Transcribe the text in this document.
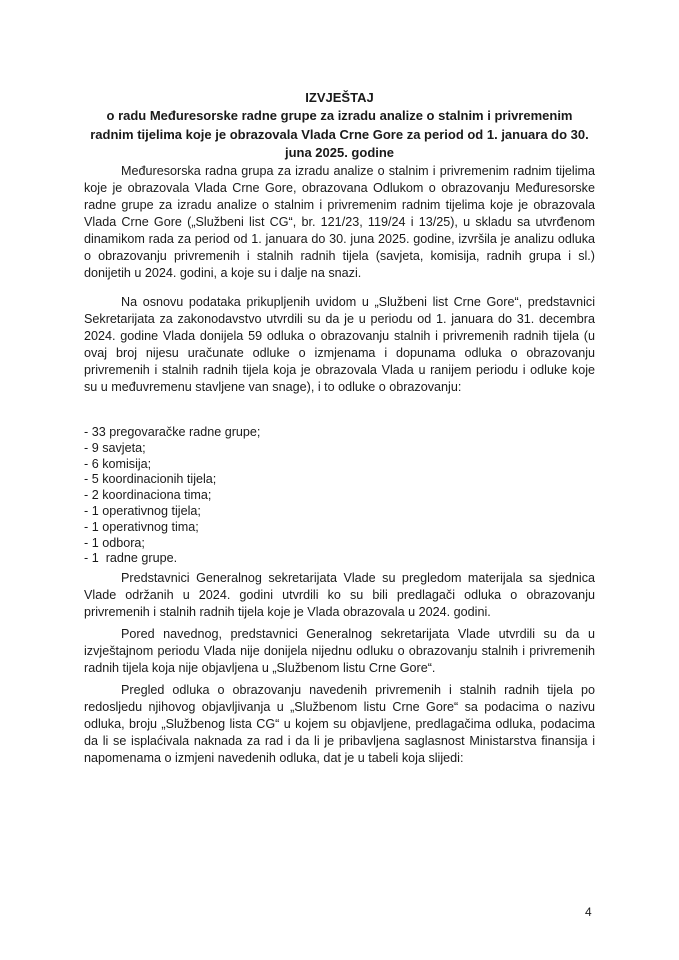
IZVJEŠTAJ
o radu Međuresorske radne grupe za izradu analize o stalnim i privremenim radnim tijelima koje je obrazovala Vlada Crne Gore za period od 1. januara do 30. juna 2025. godine
Međuresorska radna grupa za izradu analize o stalnim i privremenim radnim tijelima koje je obrazovala Vlada Crne Gore, obrazovana Odlukom o obrazovanju Međuresorske radne grupe za izradu analize o stalnim i privremenim radnim tijelima koje je obrazovala Vlada Crne Gore („Službeni list CG“, br. 121/23, 119/24 i 13/25), u skladu sa utvrđenom dinamikom rada za period od 1. januara do 30. juna 2025. godine, izvršila je analizu odluka o obrazovanju privremenih i stalnih radnih tijela (savjeta, komisija, radnih grupa i sl.) donijetih u 2024. godini, a koje su i dalje na snazi.
Na osnovu podataka prikupljenih uvidom u „Službeni list Crne Gore“, predstavnici Sekretarijata za zakonodavstvo utvrdili su da je u periodu od 1. januara do 31. decembra 2024. godine Vlada donijela 59 odluka o obrazovanju stalnih i privremenih radnih tijela (u ovaj broj nijesu uračunate odluke o izmjenama i dopunama odluka o obrazovanju privremenih i stalnih radnih tijela koja je obrazovala Vlada u ranijem periodu i odluke koje su u međuvremenu stavljene van snage), i to odluke o obrazovanju:
- 33 pregovaračke radne grupe;
- 9 savjeta;
- 6 komisija;
- 5 koordinacionih tijela;
- 2 koordinaciona tima;
- 1 operativnog tijela;
- 1 operativnog tima;
- 1 odbora;
- 1  radne grupe.
Predstavnici Generalnog sekretarijata Vlade su pregledom materijala sa sjednica Vlade održanih u 2024. godini utvrdili ko su bili predlagači odluka o obrazovanju privremenih i stalnih radnih tijela koje je Vlada obrazovala u 2024. godini.
Pored navednog, predstavnici Generalnog sekretarijata Vlade utvrdili su da u izvještajnom periodu Vlada nije donijela nijednu odluku o obrazovanju stalnih i privremenih radnih tijela koja nije objavljena u „Službenom listu Crne Gore“.
Pregled odluka o obrazovanju navedenih privremenih i stalnih radnih tijela po redosljedu njihovog objavljivanja u „Službenom listu Crne Gore“ sa podacima o nazivu odluka, broju „Službenog lista CG“ u kojem su objavljene, predlagačima odluka, podacima da li se isplaćivala naknada za rad i da li je pribavljena saglasnost Ministarstva finansija i napomenama o izmjeni navedenih odluka, dat je u tabeli koja slijedi:
4
